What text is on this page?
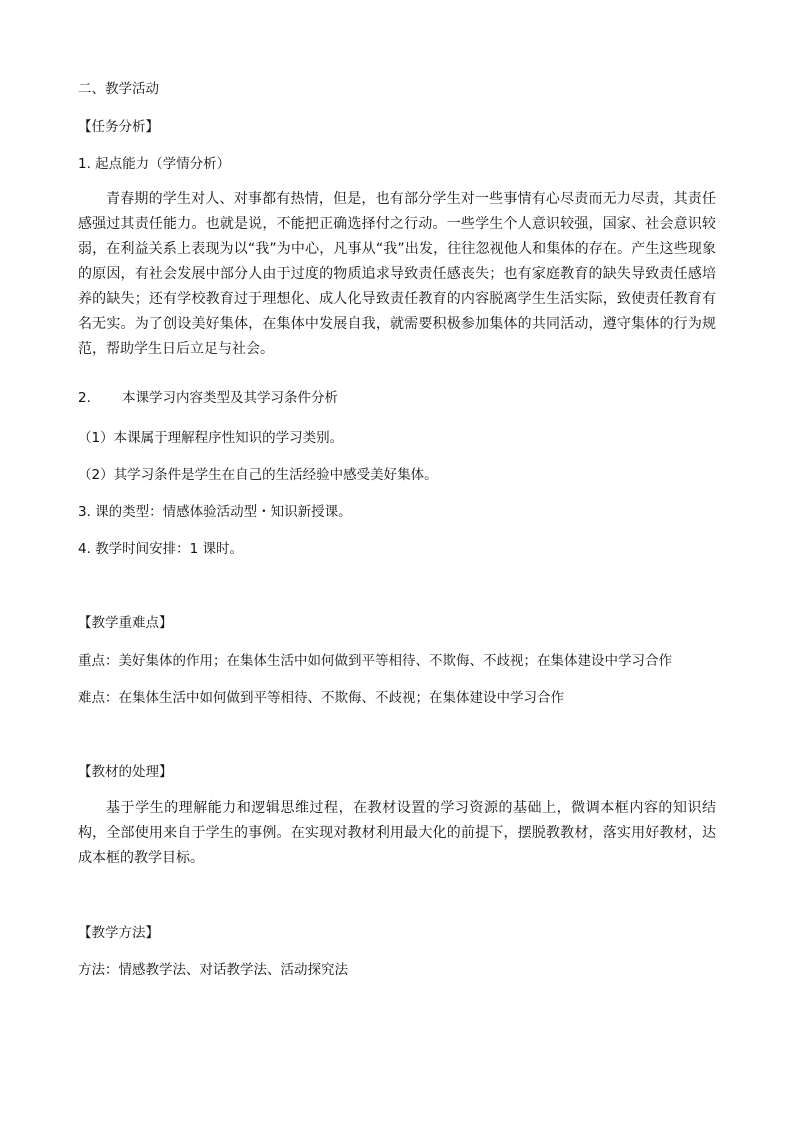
二、教学活动
【任务分析】
1. 起点能力（学情分析）
青春期的学生对人、对事都有热情，但是，也有部分学生对一些事情有心尽责而无力尽责，其责任感强过其责任能力。也就是说，不能把正确选择付之行动。一些学生个人意识较强，国家、社会意识较弱，在利益关系上表现为以“我”为中心，凡事从“我”出发，往往忽视他人和集体的存在。产生这些现象的原因，有社会发展中部分人由于过度的物质追求导致责任感丧失；也有家庭教育的缺失导致责任感培养的缺失；还有学校教育过于理想化、成人化导致责任教育的内容脱离学生生活实际，致使责任教育有名无实。为了创设美好集体，在集体中发展自我，就需要积极参加集体的共同活动，遵守集体的行为规范，帮助学生日后立足与社会。
2. 本课学习内容类型及其学习条件分析
（1）本课属于理解程序性知识的学习类别。
（2）其学习条件是学生在自己的生活经验中感受美好集体。
3. 课的类型：情感体验活动型・知识新授课。
4. 教学时间安排：1 课时。
【教学重难点】
重点：美好集体的作用；在集体生活中如何做到平等相待、不欺侮、不歧视；在集体建设中学习合作
难点：在集体生活中如何做到平等相待、不欺侮、不歧视；在集体建设中学习合作
【教材的处理】
基于学生的理解能力和逻辑思维过程，在教材设置的学习资源的基础上，微调本框内容的知识结构，全部使用来自于学生的事例。在实现对教材利用最大化的前提下，摆脱教教材，落实用好教材，达成本框的教学目标。
【教学方法】
方法：情感教学法、对话教学法、活动探究法
